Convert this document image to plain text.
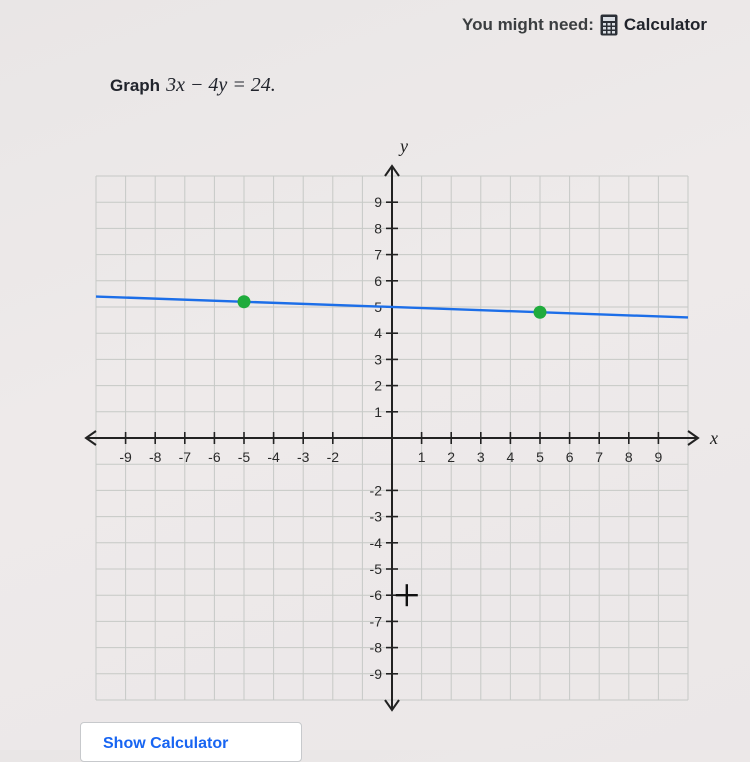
You might need: Calculator
Graph 3x − 4y = 24.
-9 -8 -7 -6 -5 -4 -3 -2	1 2 3 4 5 6 7 8 9
9
8
7
6
4
3
2
1
-2
-3
-4
-5
-6
-7
-8
-9
x
y
Show Calculator
